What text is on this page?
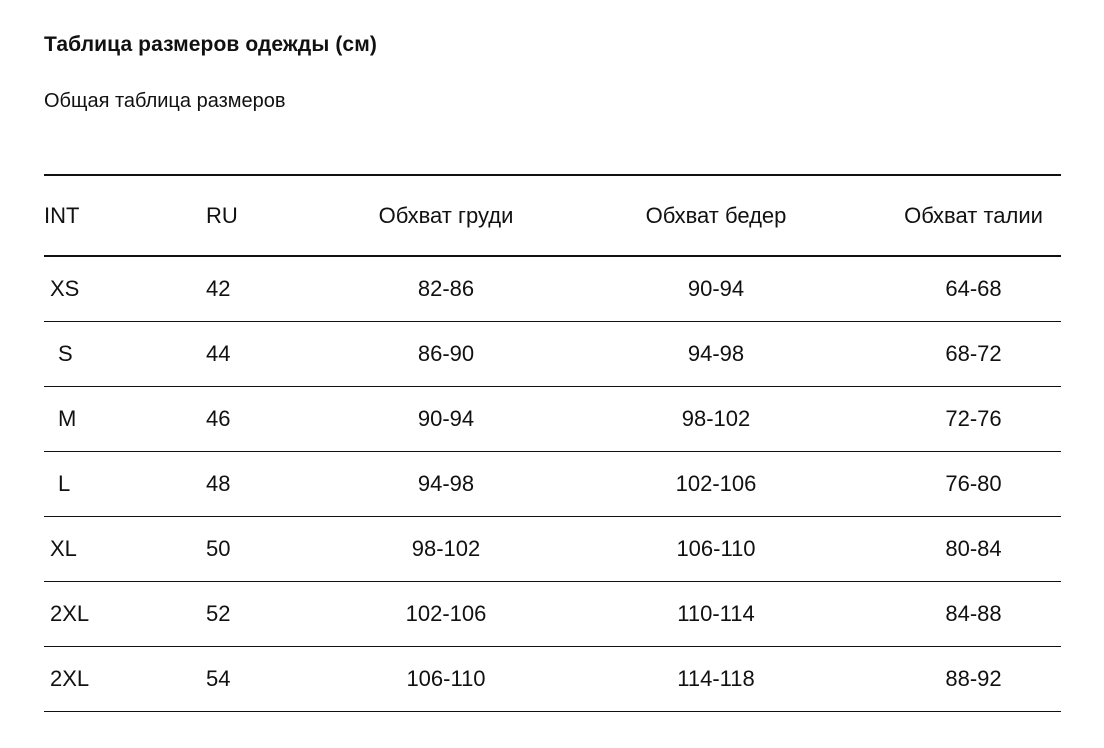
Таблица размеров одежды (см)
Общая таблица размеров
INT	RU	Обхват груди	Обхват бедер	Обхват талии
XS	42	82-86	90-94	64-68
S	44	86-90	94-98	68-72
M	46	90-94	98-102	72-76
L	48	94-98	102-106	76-80
XL	50	98-102	106-110	80-84
2XL	52	102-106	110-114	84-88
2XL	54	106-110	114-118	88-92
